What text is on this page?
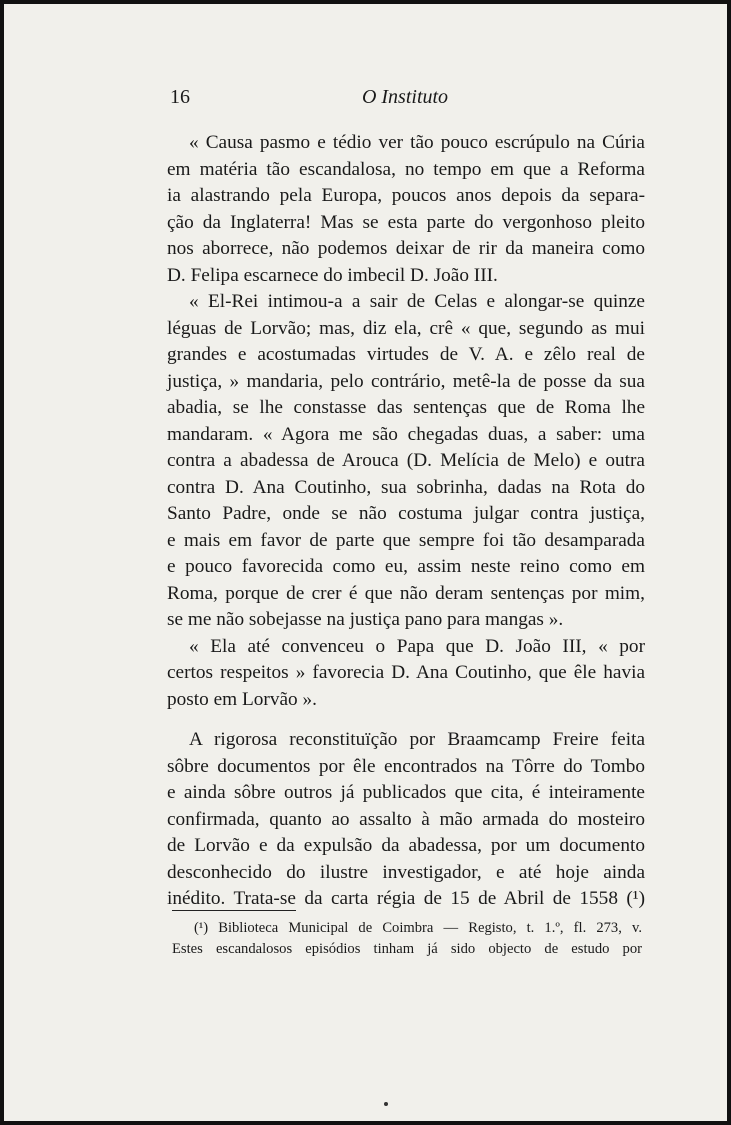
16	O Instituto
« Causa pasmo e tédio ver tão pouco escrúpulo na Cúria
em matéria tão escandalosa, no tempo em que a Reforma
ia alastrando pela Europa, poucos anos depois da separa-
ção da Inglaterra! Mas se esta parte do vergonhoso pleito
nos aborrece, não podemos deixar de rir da maneira como
D. Felipa escarnece do imbecil D. João III.
« El-Rei intimou-a a sair de Celas e alongar-se quinze
léguas de Lorvão; mas, diz ela, crê « que, segundo as mui
grandes e acostumadas virtudes de V. A. e zêlo real de
justiça, » mandaria, pelo contrário, metê-la de posse da sua
abadia, se lhe constasse das sentenças que de Roma lhe
mandaram. « Agora me são chegadas duas, a saber: uma
contra a abadessa de Arouca (D. Melícia de Melo) e outra
contra D. Ana Coutinho, sua sobrinha, dadas na Rota do
Santo Padre, onde se não costuma julgar contra justiça,
e mais em favor de parte que sempre foi tão desamparada
e pouco favorecida como eu, assim neste reino como em
Roma, porque de crer é que não deram sentenças por mim,
se me não sobejasse na justiça pano para mangas ».
« Ela até convenceu o Papa que D. João III, « por
certos respeitos » favorecia D. Ana Coutinho, que êle havia
posto em Lorvão ».
A rigorosa reconstituïção por Braamcamp Freire feita
sôbre documentos por êle encontrados na Tôrre do Tombo
e ainda sôbre outros já publicados que cita, é inteiramente
confirmada, quanto ao assalto à mão armada do mosteiro
de Lorvão e da expulsão da abadessa, por um documento
desconhecido do ilustre investigador, e até hoje ainda
inédito. Trata-se da carta régia de 15 de Abril de 1558 (¹)
(¹) Biblioteca Municipal de Coimbra — Registo, t. 1.º, fl. 273, v.
Estes escandalosos episódios tinham já sido objecto de estudo por
